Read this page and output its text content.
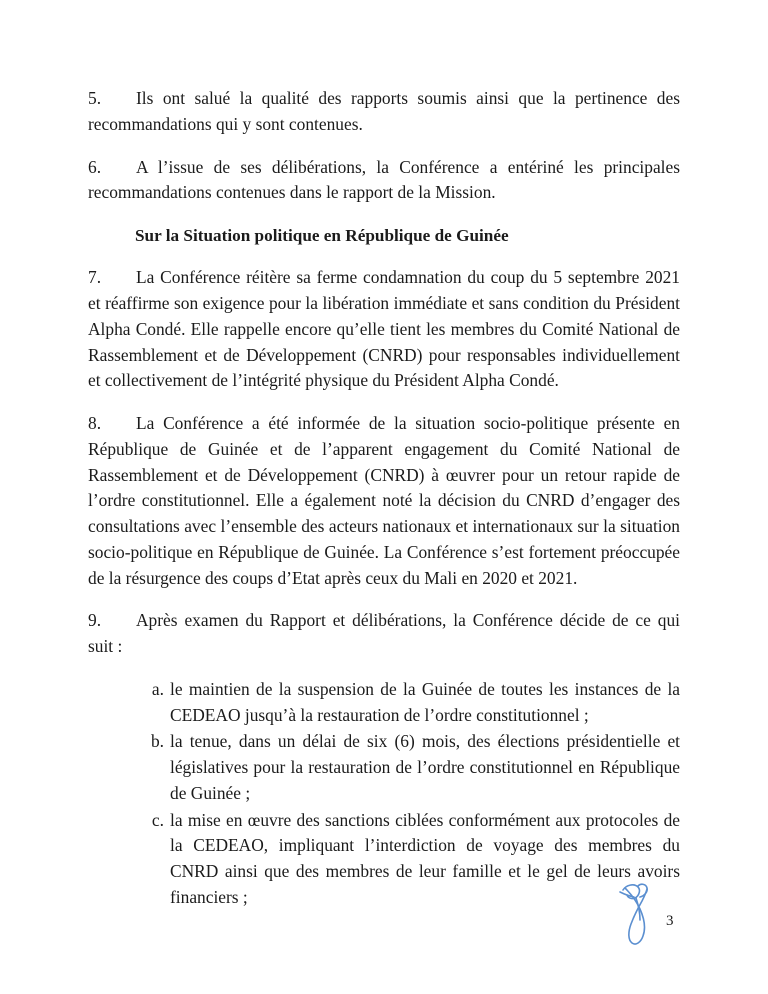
5. Ils ont salué la qualité des rapports soumis ainsi que la pertinence des recommandations qui y sont contenues.

6. A l’issue de ses délibérations, la Conférence a entériné les principales recommandations contenues dans le rapport de la Mission.

Sur la Situation politique en République de Guinée

7. La Conférence réitère sa ferme condamnation du coup du 5 septembre 2021 et réaffirme son exigence pour la libération immédiate et sans condition du Président Alpha Condé. Elle rappelle encore qu’elle tient les membres du Comité National de Rassemblement et de Développement (CNRD) pour responsables individuellement et collectivement de l’intégrité physique du Président Alpha Condé.

8. La Conférence a été informée de la situation socio-politique présente en République de Guinée et de l’apparent engagement du Comité National de Rassemblement et de Développement (CNRD) à œuvrer pour un retour rapide de l’ordre constitutionnel. Elle a également noté la décision du CNRD d’engager des consultations avec l’ensemble des acteurs nationaux et internationaux sur la situation socio-politique en République de Guinée. La Conférence s’est fortement préoccupée de la résurgence des coups d’Etat après ceux du Mali en 2020 et 2021.

9. Après examen du Rapport et délibérations, la Conférence décide de ce qui suit :

a. le maintien de la suspension de la Guinée de toutes les instances de la CEDEAO jusqu’à la restauration de l’ordre constitutionnel ;
b. la tenue, dans un délai de six (6) mois, des élections présidentielle et législatives pour la restauration de l’ordre constitutionnel en République de Guinée ;
c. la mise en œuvre des sanctions ciblées conformément aux protocoles de la CEDEAO, impliquant l’interdiction de voyage des membres du CNRD ainsi que des membres de leur famille et le gel de leurs avoirs financiers ;
3
